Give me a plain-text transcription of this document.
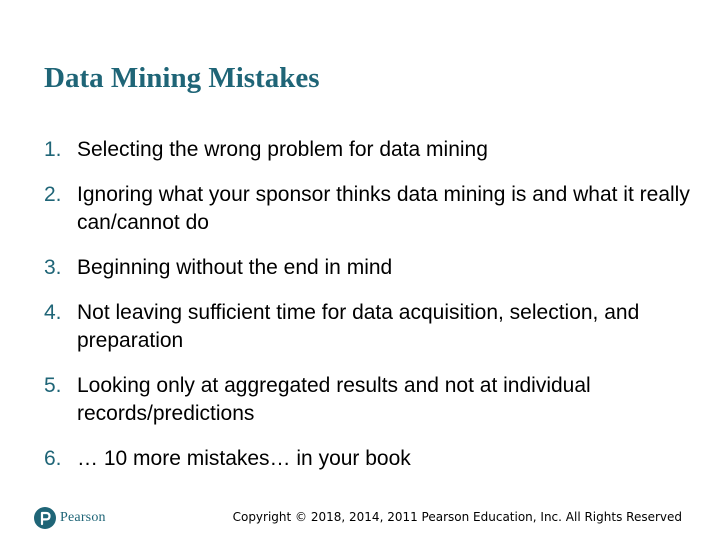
Data Mining Mistakes
1. Selecting the wrong problem for data mining
2. Ignoring what your sponsor thinks data mining is and what it really can/cannot do
3. Beginning without the end in mind
4. Not leaving sufficient time for data acquisition, selection, and preparation
5. Looking only at aggregated results and not at individual records/predictions
6. … 10 more mistakes… in your book
Pearson	Copyright © 2018, 2014, 2011 Pearson Education, Inc. All Rights Reserved
